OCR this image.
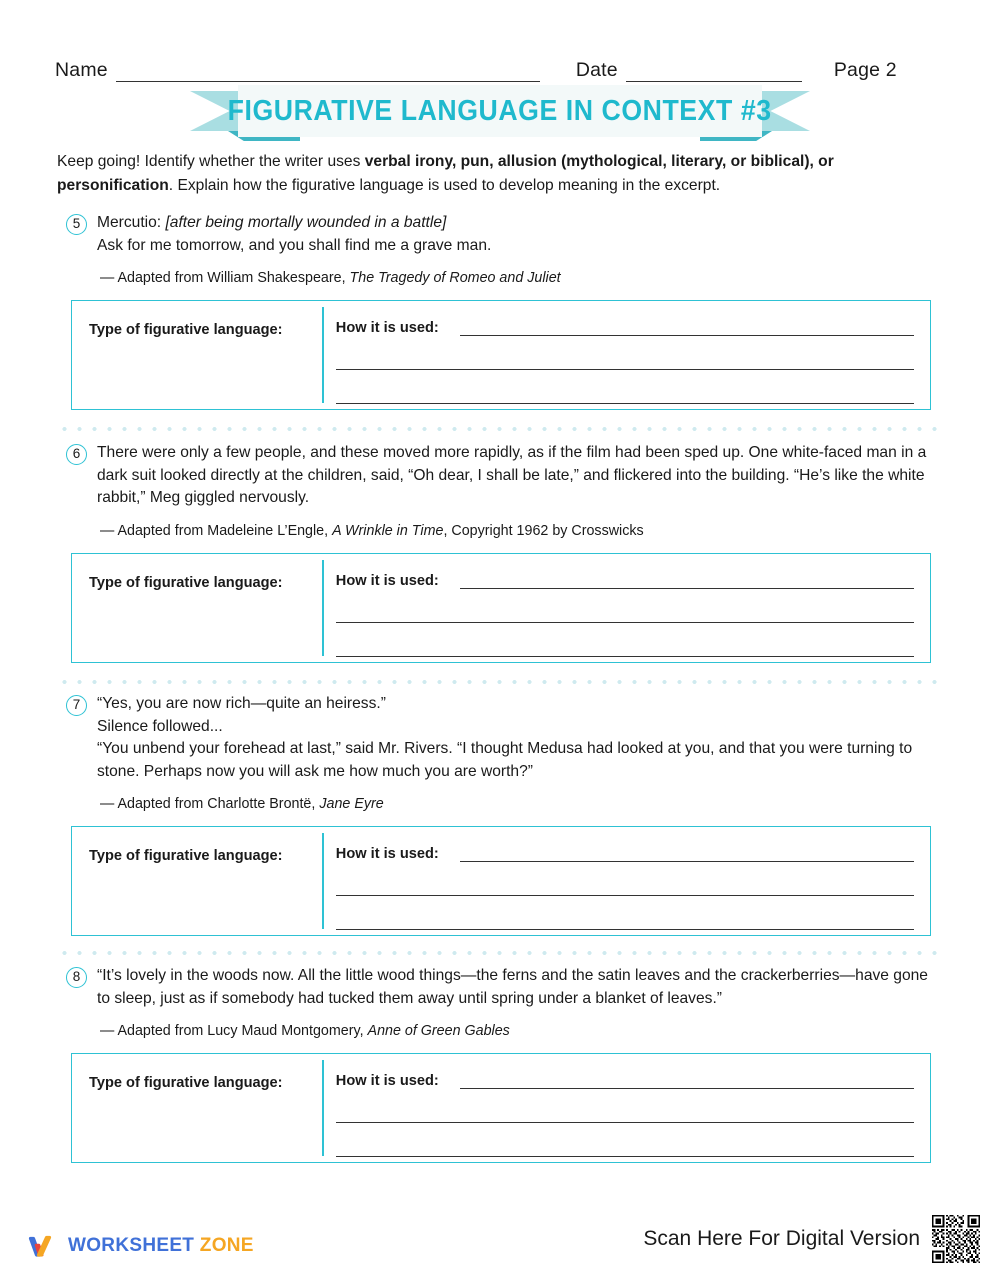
Name	Date	Page 2
FIGURATIVE LANGUAGE IN CONTEXT #3
Keep going! Identify whether the writer uses verbal irony, pun, allusion (mythological, literary, or biblical), or personification. Explain how the figurative language is used to develop meaning in the excerpt.
5	Mercutio: [after being mortally wounded in a battle]
Ask for me tomorrow, and you shall find me a grave man.
— Adapted from William Shakespeare, The Tragedy of Romeo and Juliet
Type of figurative language:	How it is used:
6	There were only a few people, and these moved more rapidly, as if the film had been sped up. One white-faced man in a dark suit looked directly at the children, said, “Oh dear, I shall be late,” and flickered into the building. “He’s like the white rabbit,” Meg giggled nervously.
— Adapted from Madeleine L’Engle, A Wrinkle in Time, Copyright 1962 by Crosswicks
Type of figurative language:	How it is used:
7	“Yes, you are now rich—quite an heiress.”
Silence followed...
“You unbend your forehead at last,” said Mr. Rivers. “I thought Medusa had looked at you, and that you were turning to stone. Perhaps now you will ask me how much you are worth?”
— Adapted from Charlotte Brontë, Jane Eyre
Type of figurative language:	How it is used:
8	“It’s lovely in the woods now. All the little wood things—the ferns and the satin leaves and the crackerberries—have gone to sleep, just as if somebody had tucked them away until spring under a blanket of leaves.”
— Adapted from Lucy Maud Montgomery, Anne of Green Gables
Type of figurative language:	How it is used:
WORKSHEET ZONE	Scan Here For Digital Version
